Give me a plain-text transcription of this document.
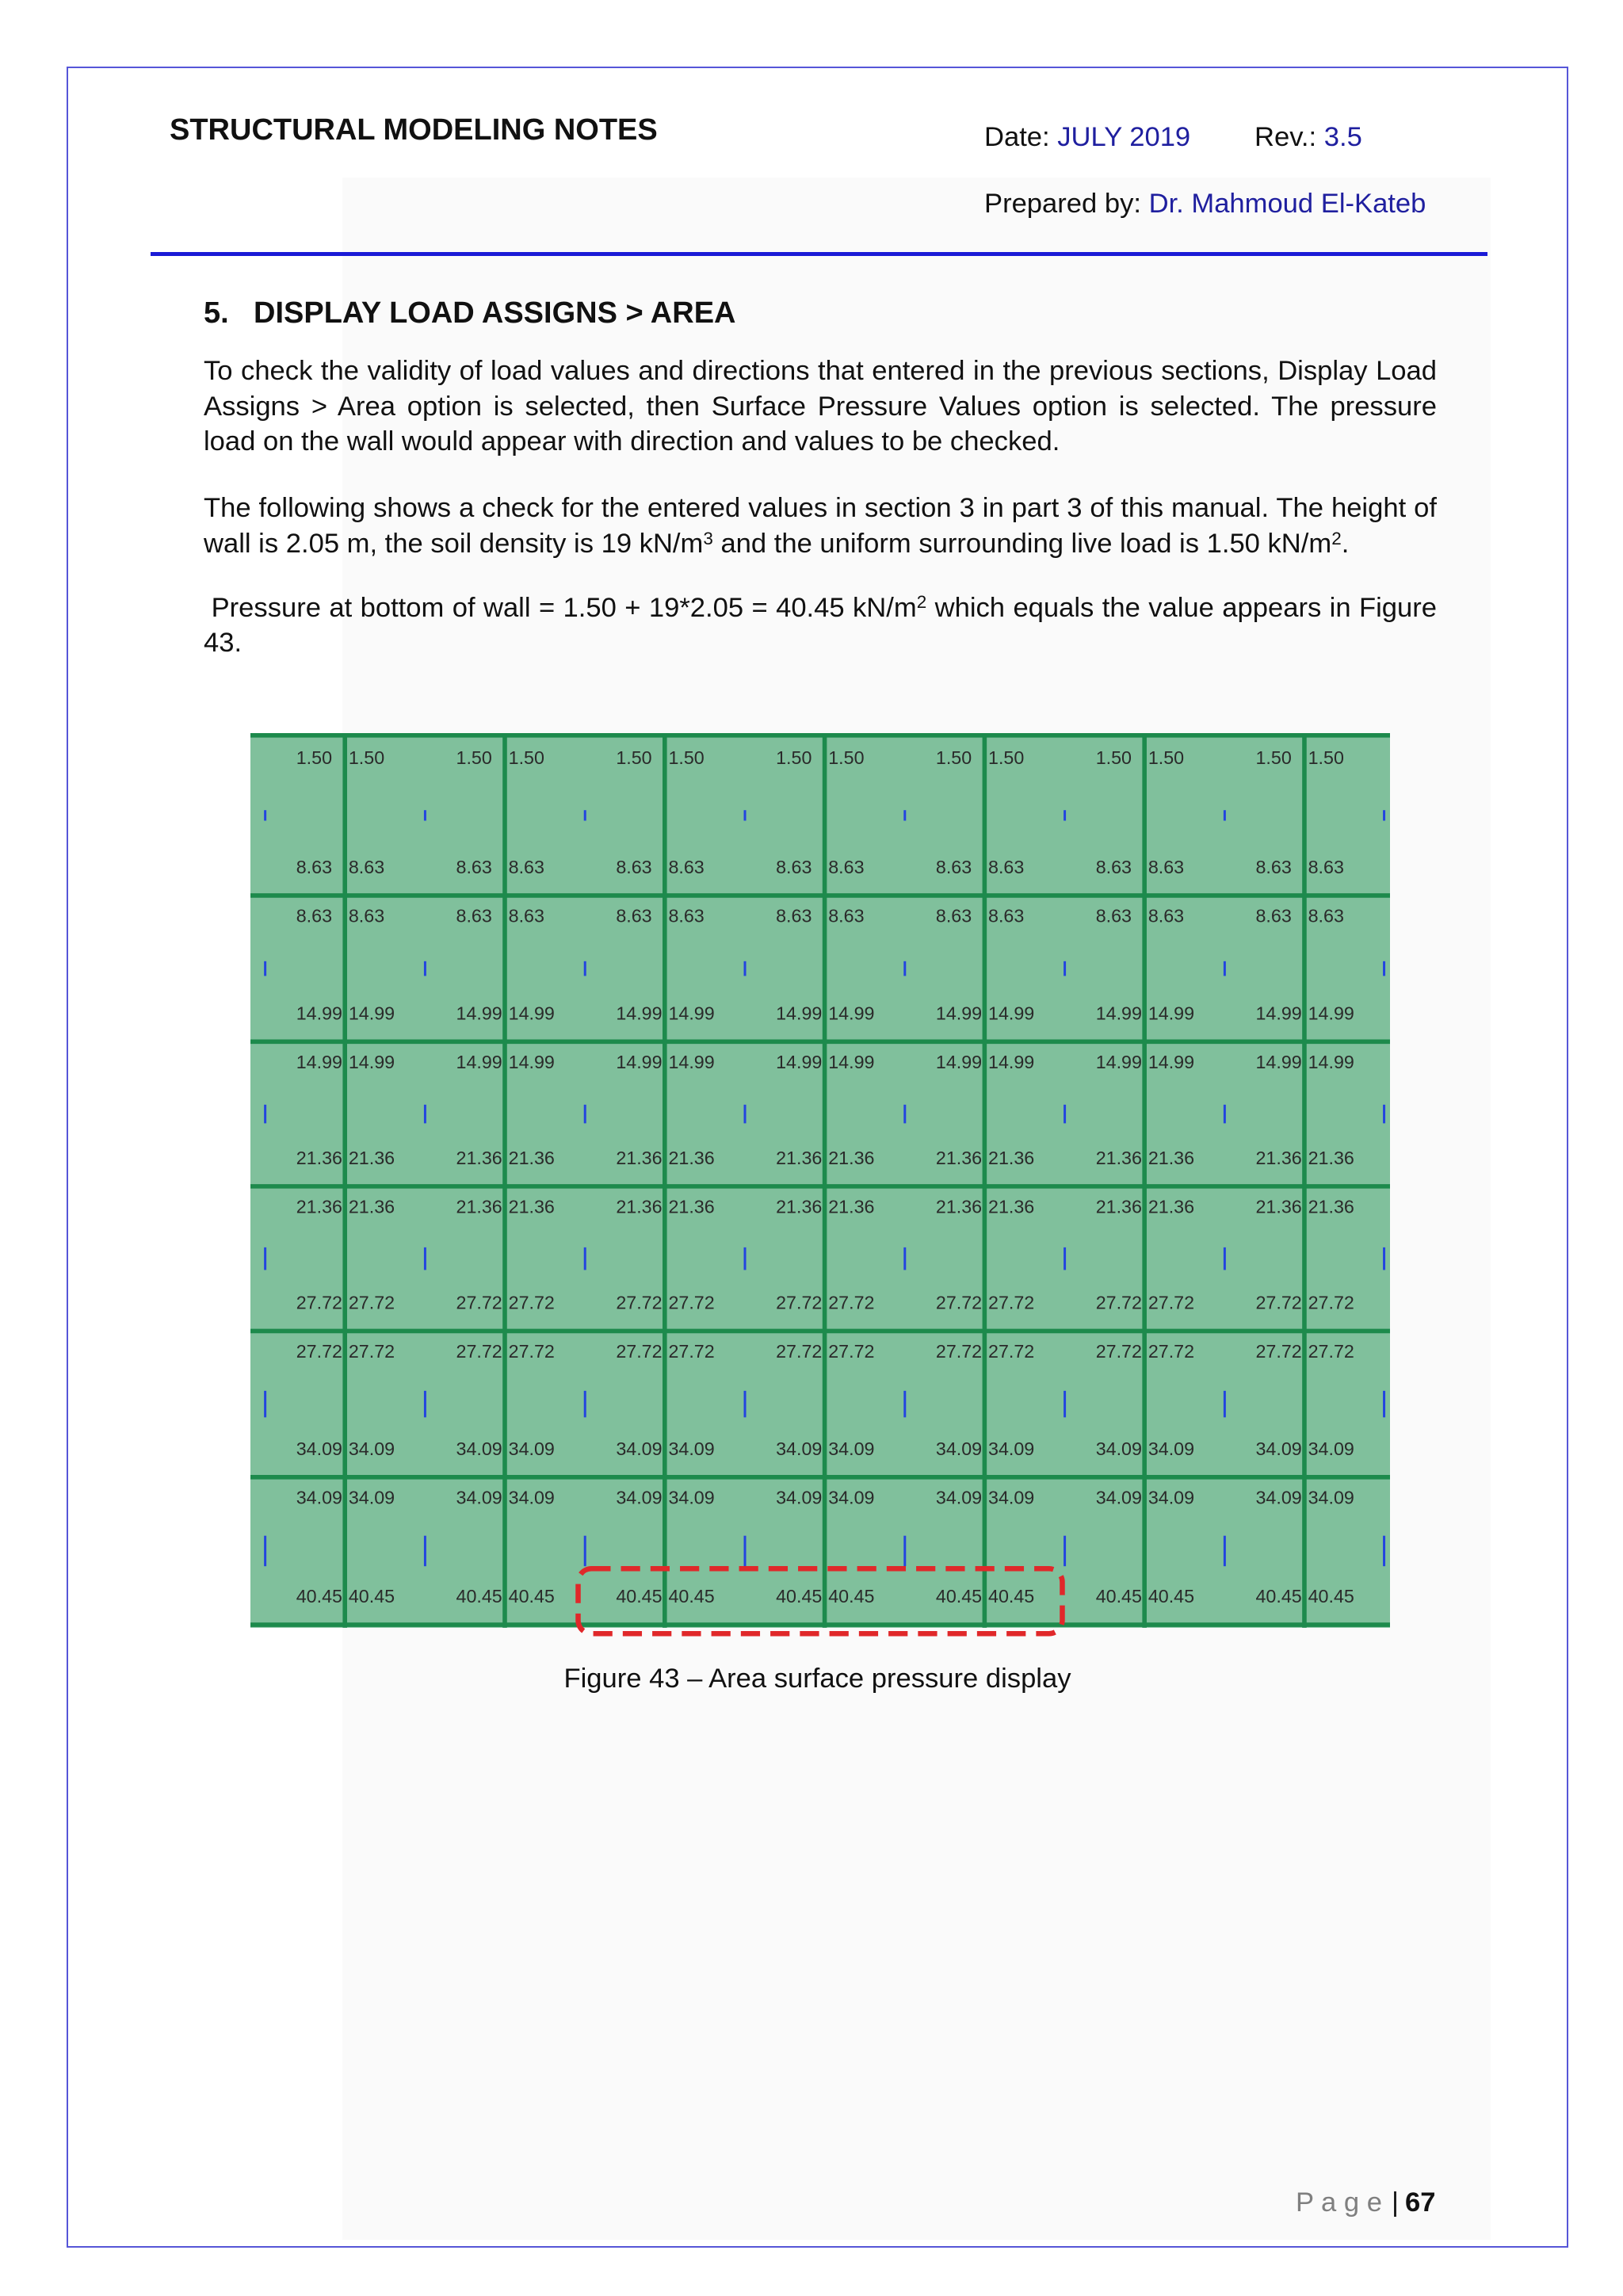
STRUCTURAL MODELING NOTES	Date: JULY 2019 Rev.: 3.5
Prepared by: Dr. Mahmoud El-Kateb
5. DISPLAY LOAD ASSIGNS > AREA

To check the validity of load values and directions that entered in the previous sections, Display Load Assigns > Area option is selected, then Surface Pressure Values option is selected. The pressure load on the wall would appear with direction and values to be checked.

The following shows a check for the entered values in section 3 in part 3 of this manual. The height of wall is 2.05 m, the soil density is 19 $kN/m^3$ and the uniform surrounding live load is 1.50 $kN/m^2$.

Pressure at bottom of wall = 1.50 + 19*2.05 = 40.45 $kN/m^2$ which equals the value appears in Figure 43.

1.50 1.50
8.63 8.63
1.50 1.50
8.63 8.63
1.50 1.50
8.63 8.63
1.50 1.50
8.63 8.63
1.50 1.50
8.63 8.63
1.50 1.50
8.63 8.63
1.50 1.50
8.63 8.63
8.63 8.63
14.99 14.99
8.63 8.63
14.99 14.99
8.63 8.63
14.99 14.99
8.63 8.63
14.99 14.99
8.63 8.63
14.99 14.99
8.63 8.63
14.99 14.99
8.63 8.63
14.99 14.99
14.99 14.99
21.36 21.36
14.99 14.99
21.36 21.36
14.99 14.99
21.36 21.36
14.99 14.99
21.36 21.36
14.99 14.99
21.36 21.36
14.99 14.99
21.36 21.36
14.99 14.99
21.36 21.36
21.36 21.36
27.72 27.72
21.36 21.36
27.72 27.72
21.36 21.36
27.72 27.72
21.36 21.36
27.72 27.72
21.36 21.36
27.72 27.72
21.36 21.36
27.72 27.72
21.36 21.36
27.72 27.72
27.72 27.72
34.09 34.09
27.72 27.72
34.09 34.09
27.72 27.72
34.09 34.09
27.72 27.72
34.09 34.09
27.72 27.72
34.09 34.09
27.72 27.72
34.09 34.09
27.72 27.72
34.09 34.09
34.09 34.09
40.45 40.45
34.09 34.09
40.45 40.45
34.09 34.09
40.45 40.45
34.09 34.09
40.45 40.45
34.09 34.09
40.45 40.45
34.09 34.09
40.45 40.45
34.09 34.09
40.45 40.45
Figure 43 – Area surface pressure display
P a g e | 67
